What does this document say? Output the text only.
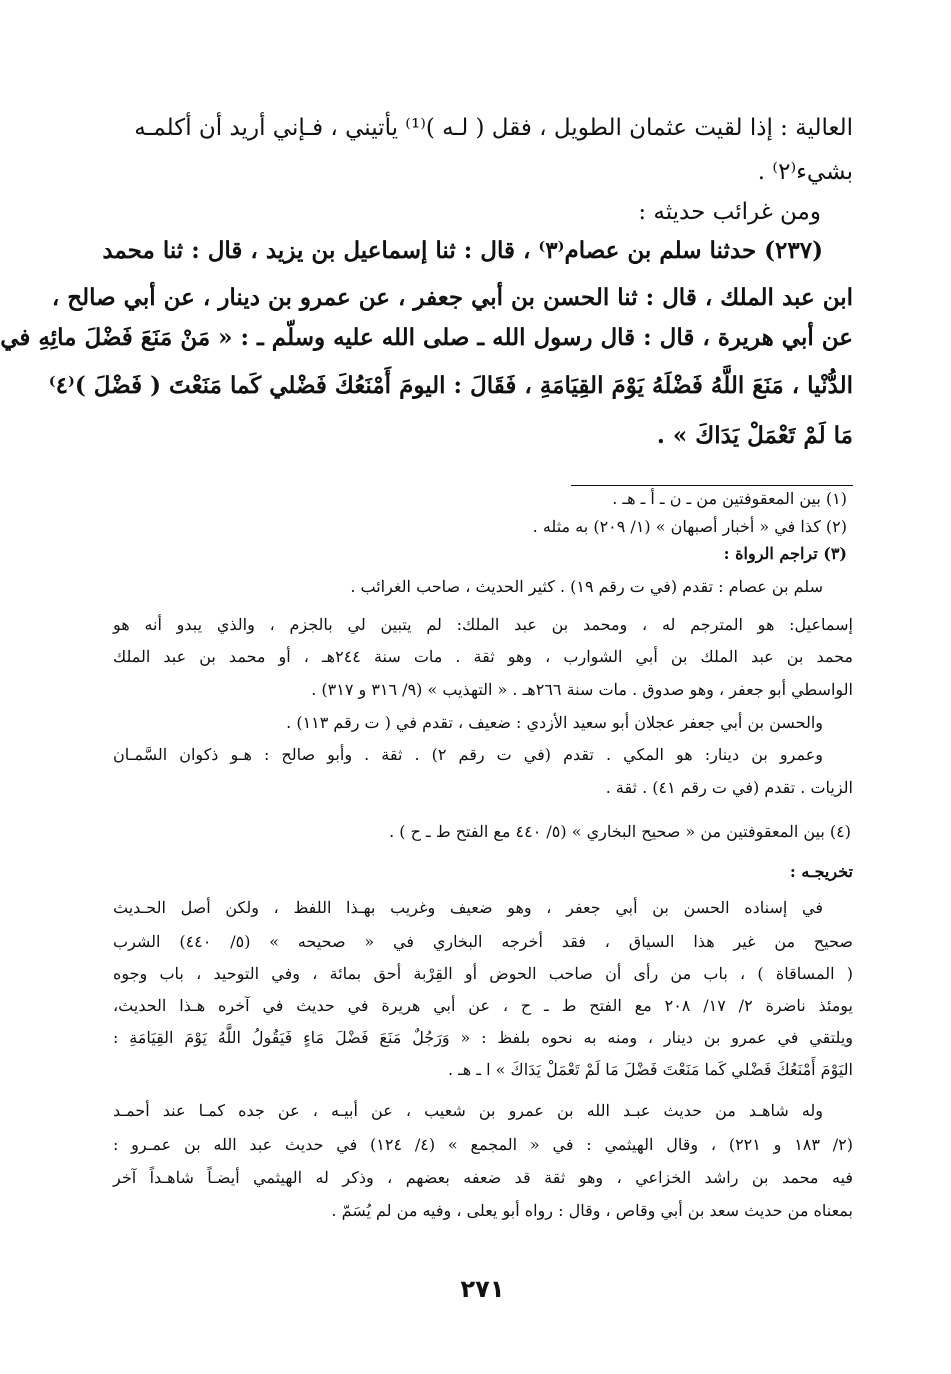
العالية : إذا لقيت عثمان الطويل ، فقل ( لـه )⁽¹⁾ يأتيني ، فـإني أريد أن أكلمـه
بشيء⁽٢⁾ .
ومن غرائب حديثه :
(٢٣٧) حدثنا سلم بن عصام⁽٣⁾ ، قال : ثنا إسماعيل بن يزيد ، قال : ثنا محمد
ابن عبد الملك ، قال : ثنا الحسن بن أبي جعفر ، عن عمرو بن دينار ، عن أبي صالح ،
عن أبي هريرة ، قال : قال رسول الله ـ صلى الله عليه وسلّم ـ : « مَنْ مَنَعَ فَضْلَ مائِهِ في
الدُّنْيا ، مَنَعَ اللَّهُ فَضْلَهُ يَوْمَ القِيَامَةِ ، فَقَالَ : اليومَ أَمْنَعُكَ فَضْلي كَما مَنَعْتَ ( فَضْلَ )⁽٤⁾
مَا لَمْ تَعْمَلْ يَدَاكَ » .
(١) بين المعقوفتين من ـ ن ـ أ ـ هـ .
(٢) كذا في « أخبار أصبهان » (١/ ٢٠٩) به مثله .
(٣) تراجم الرواة :
سلم بن عصام : تقدم (في ت رقم ١٩) . كثير الحديث ، صاحب الغرائب .
إسماعيل: هو المترجم له ، ومحمد بن عبد الملك: لم يتبين لي بالجزم ، والذي يبدو أنه هو
محمد بن عبد الملك بن أبي الشوارب ، وهو ثقة . مات سنة ٢٤٤هـ ، أو محمد بن عبد الملك
الواسطي أبو جعفر ، وهو صدوق . مات سنة ٢٦٦هـ . « التهذيب » (٩/ ٣١٦ و ٣١٧) .
والحسن بن أبي جعفر عجلان أبو سعيد الأزدي : ضعيف ، تقدم في ( ت رقم ١١٣) .
وعمرو بن دينار: هو المكي . تقدم (في ت رقم ٢) . ثقة . وأبو صالح : هـو ذكوان السَّمـان
الزيات . تقدم (في ت رقم ٤١) . ثقة .
(٤) بين المعقوفتين من « صحيح البخاري » (٥/ ٤٤٠ مع الفتح ط ـ ح ) .
تخريجـه :
في إسناده الحسن بن أبي جعفر ، وهو ضعيف وغريب بهـذا اللفظ ، ولكن أصل الحـديث
صحيح من غير هذا السياق ، فقد أخرجه البخاري في « صحيحه » (٥/ ٤٤٠) الشرب
( المساقاة ) ، باب من رأى أن صاحب الحوض أو القِرْبة أحق بمائة ، وفي التوحيد ، باب وجوه
يومئذ ناضرة ٢/ ١٧/ ٢٠٨ مع الفتح ط ـ ح ، عن أبي هريرة في حديث في آخره هـذا الحديث،
ويلتقي في عمرو بن دينار ، ومنه به نحوه بلفظ : « وَرَجُلٌ مَنَعَ فَضْلَ مَاءٍ فَيَقُولُ اللَّهُ يَوْمَ القِيَامَةِ :
اليَوْمَ أَمْنَعُكَ فَضْلي كَما مَنَعْتَ فَضْلَ مَا لَمْ تَعْمَلْ يَدَاكَ » ا ـ هـ .
وله شاهـد من حديث عبـد الله بن عمرو بن شعيب ، عن أبيـه ، عن جده كمـا عند أحمـد
(٢/ ١٨٣ و ٢٢١) ، وقال الهيثمي : في « المجمع » (٤/ ١٢٤) في حديث عبد الله بن عمـرو :
فيه محمد بن راشد الخزاعي ، وهو ثقة قد ضعفه بعضهم ، وذكر له الهيثمي أيضـاً شاهـداً آخر
بمعناه من حديث سعد بن أبي وقاص ، وقال : رواه أبو يعلى ، وفيه من لم يُسَمّ .
٢٧١
